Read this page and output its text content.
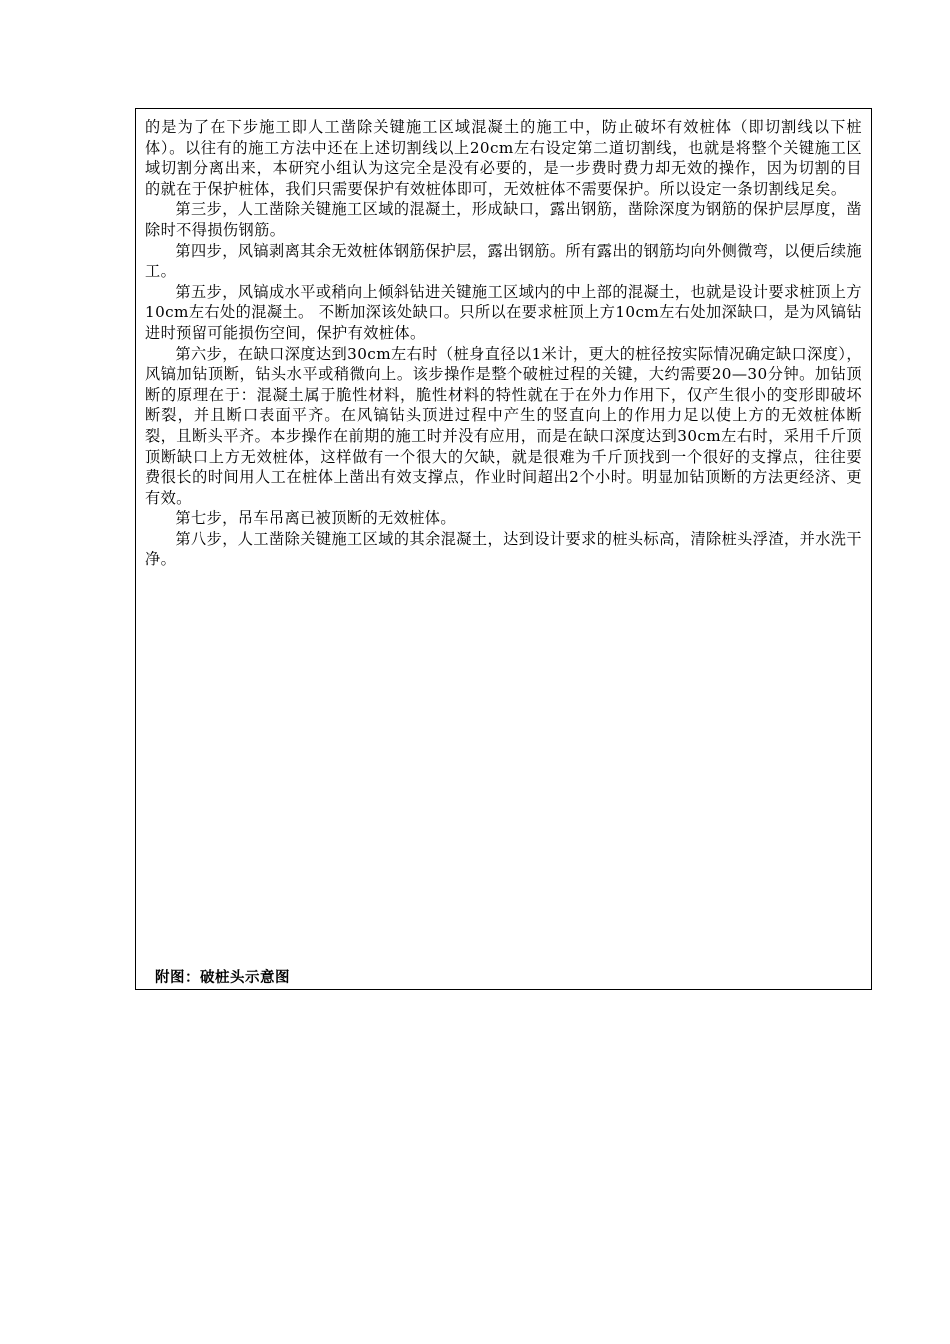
的是为了在下步施工即人工凿除关键施工区域混凝土的施工中，防止破坏有效桩体（即切割线以下桩体）。以往有的施工方法中还在上述切割线以上20cm左右设定第二道切割线，也就是将整个关键施工区域切割分离出来，本研究小组认为这完全是没有必要的，是一步费时费力却无效的操作，因为切割的目的就在于保护桩体，我们只需要保护有效桩体即可，无效桩体不需要保护。所以设定一条切割线足矣。

第三步，人工凿除关键施工区域的混凝土，形成缺口，露出钢筋，凿除深度为钢筋的保护层厚度，凿除时不得损伤钢筋。

第四步，风镐剥离其余无效桩体钢筋保护层，露出钢筋。所有露出的钢筋均向外侧微弯，以便后续施工。

第五步，风镐成水平或稍向上倾斜钻进关键施工区域内的中上部的混凝土，也就是设计要求桩顶上方10cm左右处的混凝土。 不断加深该处缺口。只所以在要求桩顶上方10cm左右处加深缺口，是为风镐钻进时预留可能损伤空间，保护有效桩体。

第六步，在缺口深度达到30cm左右时（桩身直径以1米计，更大的桩径按实际情况确定缺口深度），风镐加钻顶断，钻头水平或稍微向上。该步操作是整个破桩过程的关键，大约需要20—30分钟。加钻顶断的原理在于：混凝土属于脆性材料，脆性材料的特性就在于在外力作用下，仅产生很小的变形即破坏断裂，并且断口表面平齐。在风镐钻头顶进过程中产生的竖直向上的作用力足以使上方的无效桩体断裂，且断头平齐。本步操作在前期的施工时并没有应用，而是在缺口深度达到30cm左右时，采用千斤顶顶断缺口上方无效桩体，这样做有一个很大的欠缺，就是很难为千斤顶找到一个很好的支撑点，往往要费很长的时间用人工在桩体上凿出有效支撑点，作业时间超出2个小时。明显加钻顶断的方法更经济、更有效。

第七步，吊车吊离已被顶断的无效桩体。

第八步，人工凿除关键施工区域的其余混凝土，达到设计要求的桩头标高，清除桩头浮渣，并水洗干净。

附图：破桩头示意图
